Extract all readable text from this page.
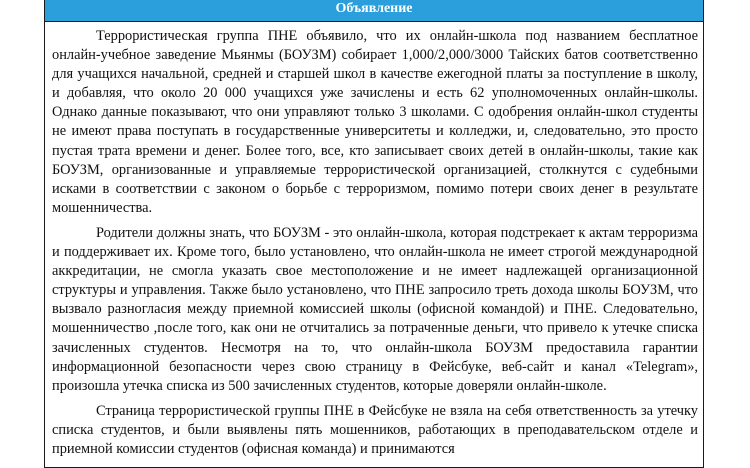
Объявление

Террористическая группа ПНЕ объявило, что их онлайн-школа под названием бесплатное онлайн-учебное заведение Мьянмы (БОУЗМ) собирает 1,000/2,000/3000 Тайских батов соответственно для учащихся начальной, средней и старшей школ в качестве ежегодной платы за поступление в школу, и добавляя, что около 20 000 учащихся уже зачислены и есть 62 уполномоченных онлайн-школы. Однако данные показывают, что они управляют только 3 школами. С одобрения онлайн-школ студенты не имеют права поступать в государственные университеты и колледжи, и, следовательно, это просто пустая трата времени и денег. Более того, все, кто записывает своих детей в онлайн-школы, такие как БОУЗМ, организованные и управляемые террористической организацией, столкнутся с судебными исками в соответствии с законом о борьбе с терроризмом, помимо потери своих денег в результате мошенничества.

Родители должны знать, что БОУЗМ - это онлайн-школа, которая подстрекает к актам терроризма и поддерживает их. Кроме того, было установлено, что онлайн-школа не имеет строгой международной аккредитации, не смогла указать свое местоположение и не имеет надлежащей организационной структуры и управления. Также было установлено, что ПНЕ запросило треть дохода школы БОУЗМ, что вызвало разногласия между приемной комиссией школы (офисной командой) и ПНЕ. Следовательно, мошенничество ,после того, как они не отчитались за потраченные деньги, что привело к утечке списка зачисленных студентов. Несмотря на то, что онлайн-школа БОУЗМ предоставила гарантии информационной безопасности через свою страницу в Фейсбуке, веб-сайт и канал «Telegram», произошла утечка списка из 500 зачисленных студентов, которые доверяли онлайн-школе.

Страница террористической группы ПНЕ в Фейсбуке не взяла на себя ответственность за утечку списка студентов, и были выявлены пять мошенников, работающих в преподавательском отделе и приемной комиссии студентов (офисная команда) и принимаются
